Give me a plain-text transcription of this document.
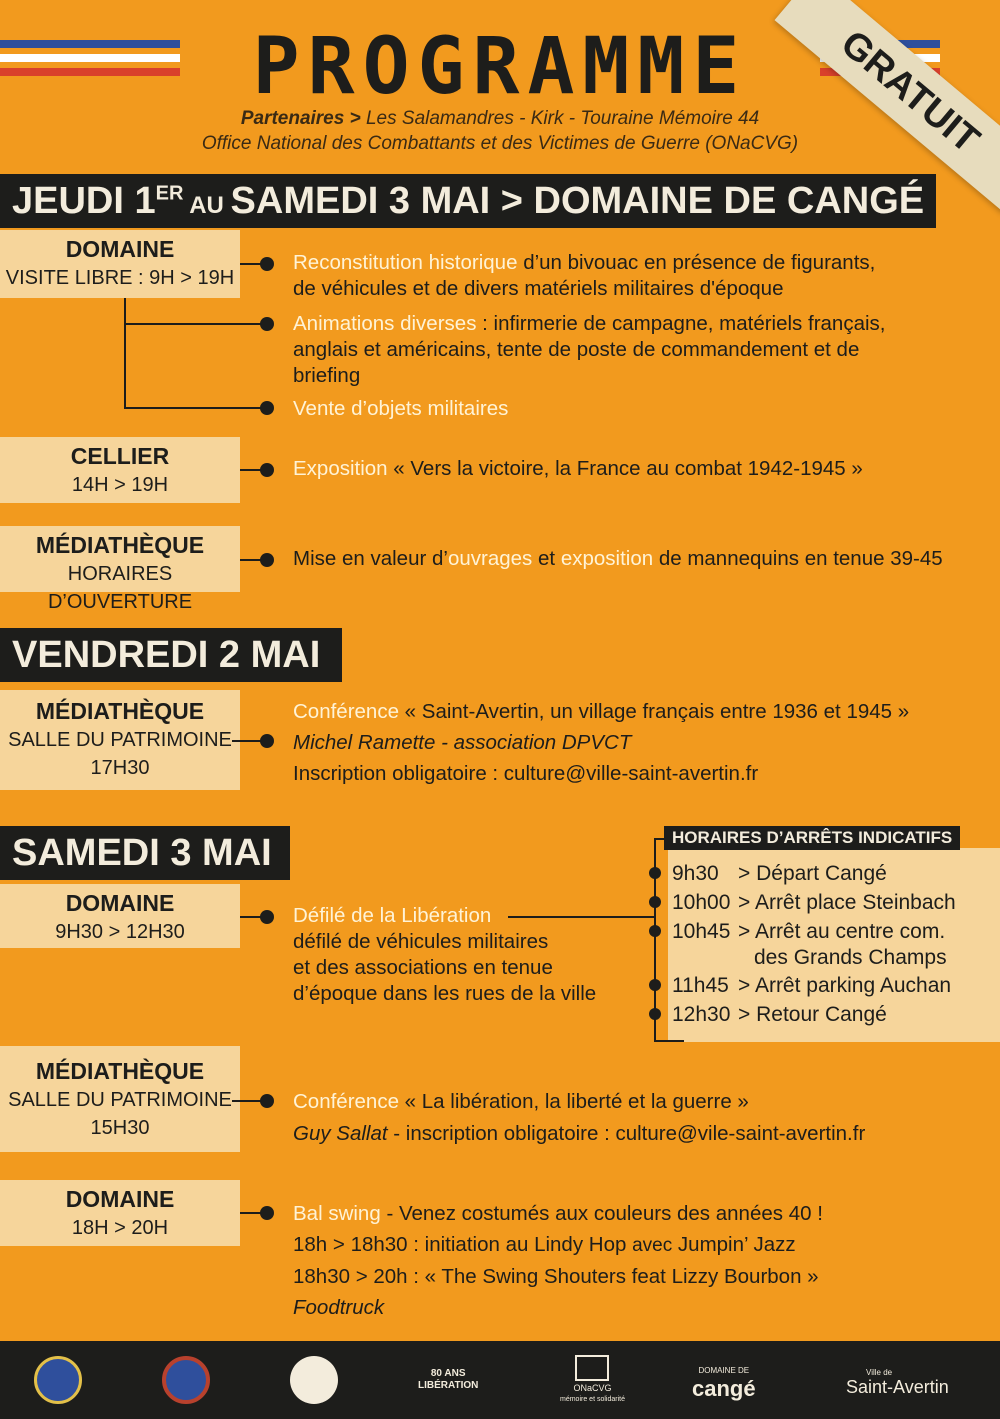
PROGRAMME
Partenaires > Les Salamandres - Kirk - Touraine Mémoire 44
Office National des Combattants et des Victimes de Guerre (ONaCVG) GRATUIT
JEUDI 1ER AU SAMEDI 3 MAI > DOMAINE DE CANGÉ
DOMAINE
VISITE LIBRE : 9H > 19H
Reconstitution historique d’un bivouac en présence de figurants,
de véhicules et de divers matériels militaires d'époque
Animations diverses : infirmerie de campagne, matériels français,
anglais et américains, tente de poste de commandement et de
briefing
Vente d’objets militaires
CELLIER
14H > 19H
Exposition « Vers la victoire, la France au combat 1942-1945 »
MÉDIATHÈQUE
HORAIRES D’OUVERTURE
Mise en valeur d’ouvrages et exposition de mannequins en tenue 39-45
VENDREDI 2 MAI
MÉDIATHÈQUE
SALLE DU PATRIMOINE
17H30
Conférence « Saint-Avertin, un village français entre 1936 et 1945 »
Michel Ramette - association DPVCT
Inscription obligatoire : culture@ville-saint-avertin.fr
SAMEDI 3 MAI
DOMAINE
9H30 > 12H30
Défilé de la Libération
défilé de véhicules militaires
et des associations en tenue
d’époque dans les rues de la ville
HORAIRES D’ARRÊTS INDICATIFS
9h30 > Départ Cangé
10h00 > Arrêt place Steinbach
10h45 > Arrêt au centre com.
des Grands Champs
11h45 > Arrêt parking Auchan
12h30 > Retour Cangé
MÉDIATHÈQUE
SALLE DU PATRIMOINE
15H30
Conférence « La libération, la liberté et la guerre »
Guy Sallat - inscription obligatoire : culture@vile-saint-avertin.fr
DOMAINE
18H > 20H
Bal swing - Venez costumés aux couleurs des années 40 !
18h > 18h30 : initiation au Lindy Hop avec Jumpin’ Jazz
18h30 > 20h : « The Swing Shouters feat Lizzy Bourbon »
Foodtruck
80 ANS
LIBÉRATION	ONaCVG
mémoire et solidarité
DOMAINE DE
cangé
Ville de
Saint-Avertin
